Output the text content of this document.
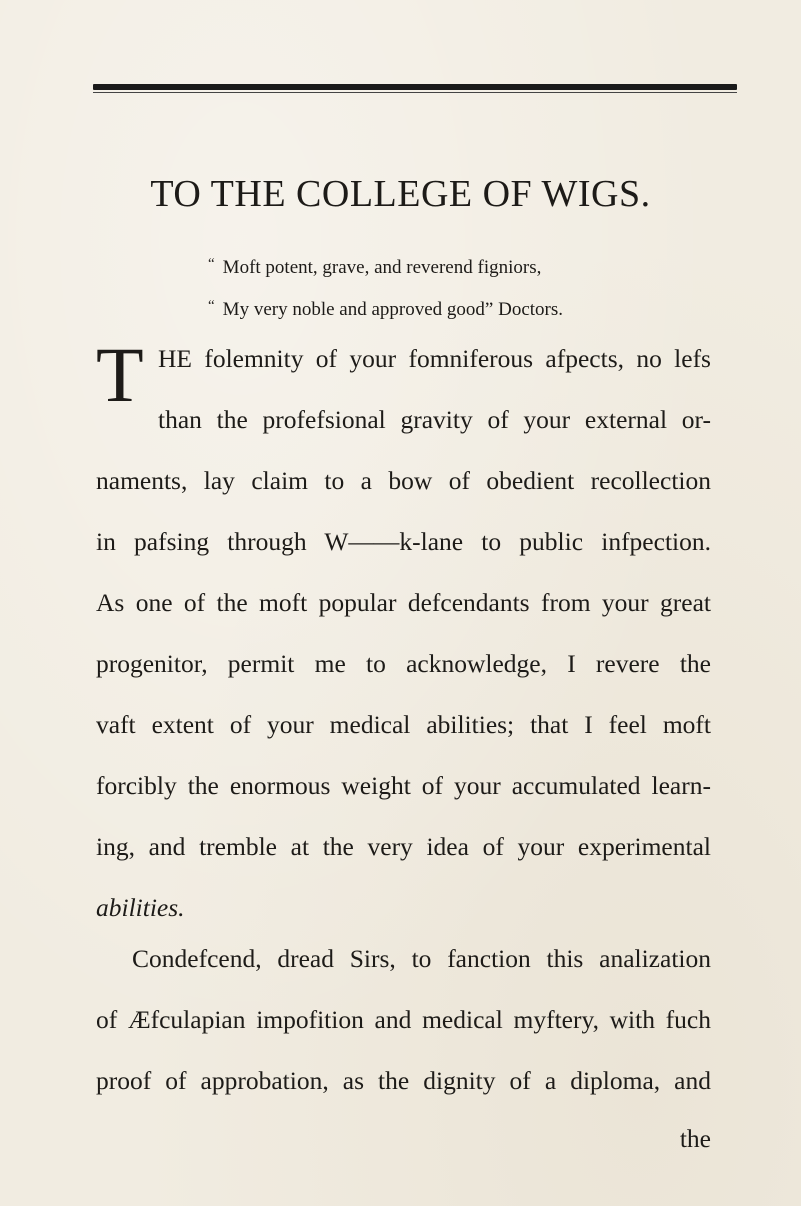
TO THE COLLEGE OF WIGS.

“ Moft potent, grave, and reverend figniors,

“ My very noble and approved good” Doctors.

T HE folemnity of your fomniferous afpects, no lefs

than the profefsional gravity of your external or-

naments, lay claim to a bow of obedient recollection

in pafsing through W——k-lane to public infpection.

As one of the moft popular defcendants from your great

progenitor, permit me to acknowledge, I revere the

vaft extent of your medical abilities; that I feel moft

forcibly the enormous weight of your accumulated learn-

ing, and tremble at the very idea of your experimental

abilities.

Condefcend, dread Sirs, to fanction this analization

of Æfculapian impofition and medical myftery, with fuch

proof of approbation, as the dignity of a diploma, and

the
